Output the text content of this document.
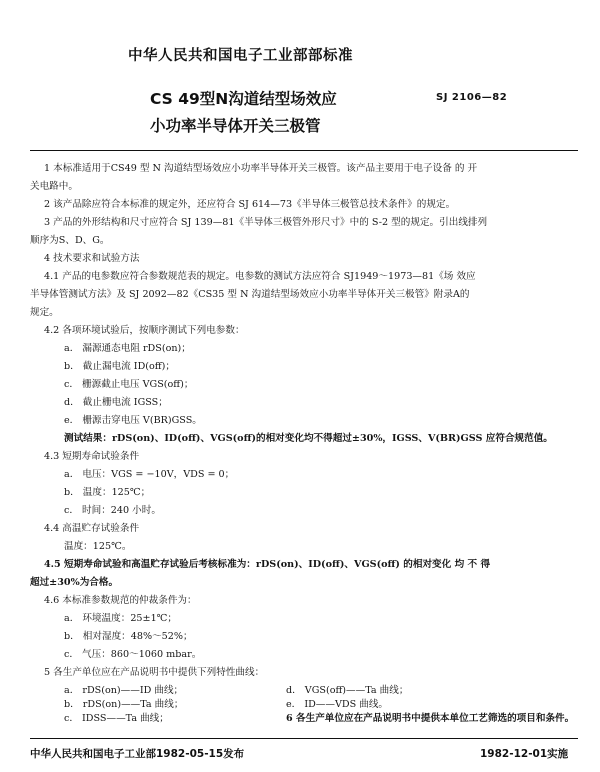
中华人民共和国电子工业部部标准
CS 49型N沟道结型场效应
小功率半导体开关三极管
SJ 2106—82
1 本标准适用于CS49 型 N 沟道结型场效应小功率半导体开关三极管。该产品主要用于电子设备 的 开
关电路中。
2 该产品除应符合本标准的规定外，还应符合 SJ 614—73《半导体三极管总技术条件》的规定。
3 产品的外形结构和尺寸应符合 SJ 139—81《半导体三极管外形尺寸》中的 S-2 型的规定。引出线排列
顺序为S、D、G。
4 技术要求和试验方法
4.1 产品的电参数应符合参数规范表的规定。电参数的测试方法应符合 SJ1949～1973—81《场 效应
半导体管测试方法》及 SJ 2092—82《CS35 型 N 沟道结型场效应小功率半导体开关三极管》附录A的
规定。
4.2 各项环境试验后，按顺序测试下列电参数：
a． 漏源通态电阻 rDS(on)；
b． 截止漏电流 ID(off)；
c． 栅源截止电压 VGS(off)；
d． 截止栅电流 IGSS；
e． 栅源击穿电压 V(BR)GSS。
测试结果：rDS(on)、ID(off)、VGS(off)的相对变化均不得超过±30%，IGSS、V(BR)GSS 应符合规范值。
4.3 短期寿命试验条件
a． 电压：VGS = −10V，VDS = 0；
b． 温度：125℃；
c． 时间：240 小时。
4.4 高温贮存试验条件
温度：125℃。
4.5 短期寿命试验和高温贮存试验后考核标准为：rDS(on)、ID(off)、VGS(off) 的相对变化 均 不 得
超过±30%为合格。
4.6 本标准参数规范的仲裁条件为：
a． 环境温度：25±1℃；
b． 相对湿度：48%～52%；
c． 气压：860～1060 mbar。
5 各生产单位应在产品说明书中提供下列特性曲线：
a． rDS(on)——ID 曲线；
b． rDS(on)——Ta 曲线；
c． IDSS——Ta 曲线；
d． VGS(off)——Ta 曲线；
e． ID——VDS 曲线。
6 各生产单位应在产品说明书中提供本单位工艺筛选的项目和条件。
中华人民共和国电子工业部1982-05-15发布	1982-12-01实施
